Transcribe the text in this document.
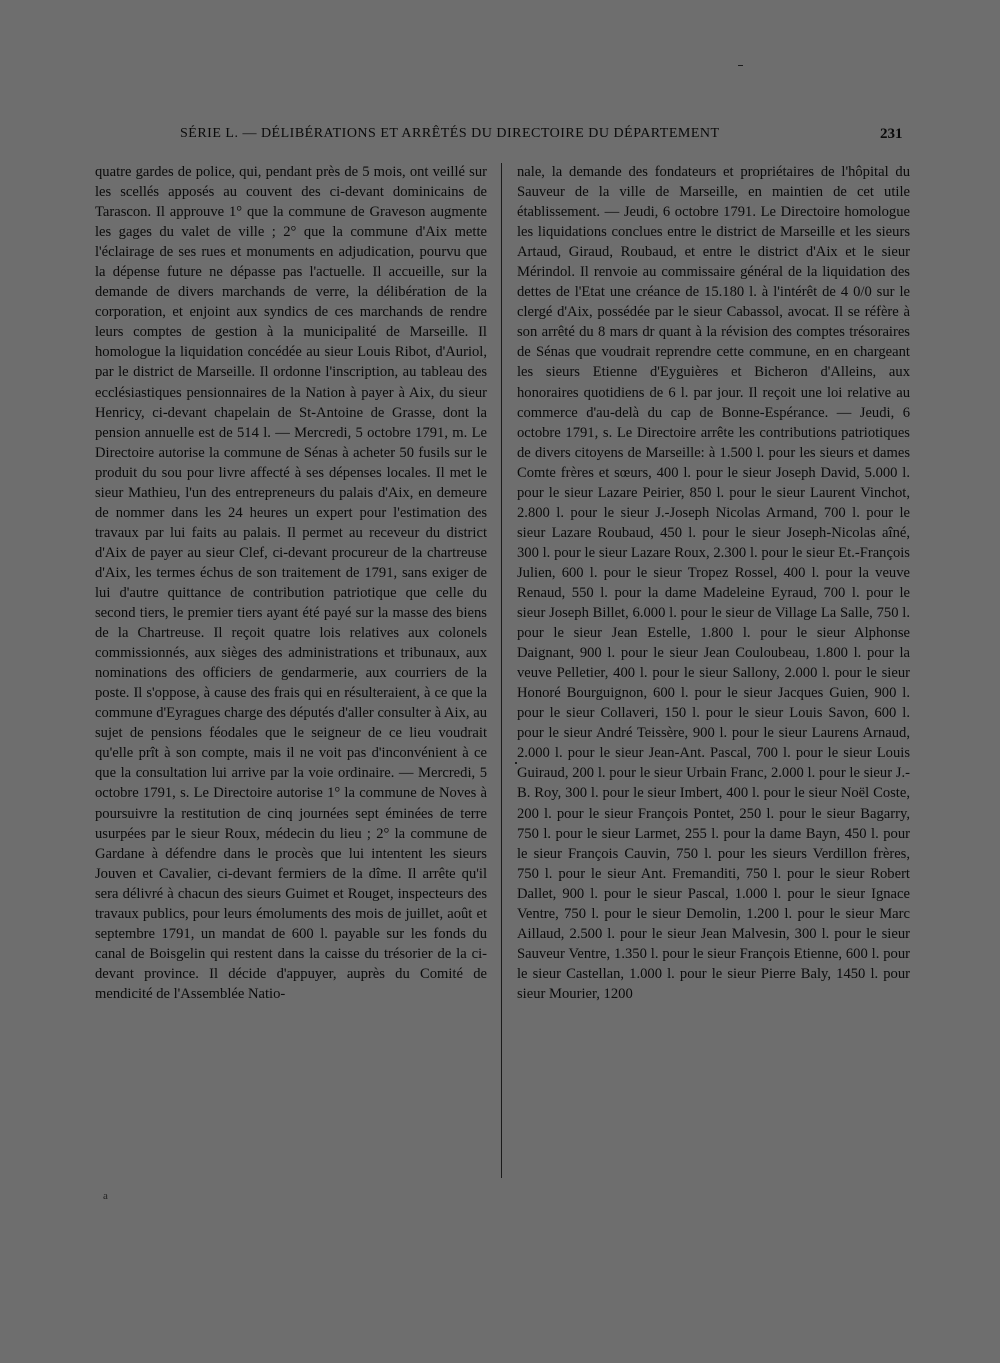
SÉRIE L. — DÉLIBÉRATIONS ET ARRÊTÉS DU DIRECTOIRE DU DÉPARTEMENT	231

quatre gardes de police, qui, pendant près de 5 mois, ont veillé sur les scellés apposés au couvent des ci-devant dominicains de Tarascon. Il approuve 1° que la commune de Graveson augmente les gages du valet de ville ; 2° que la commune d'Aix mette l'éclairage de ses rues et monuments en adjudication, pourvu que la dépense future ne dépasse pas l'actuelle. Il accueille, sur la demande de divers marchands de verre, la délibération de la corporation, et enjoint aux syndics de ces marchands de rendre leurs comptes de gestion à la municipalité de Marseille. Il homologue la liquidation concédée au sieur Louis Ribot, d'Auriol, par le district de Marseille. Il ordonne l'inscription, au tableau des ecclésiastiques pensionnaires de la Nation à payer à Aix, du sieur Henricy, ci-devant chapelain de St-Antoine de Grasse, dont la pension annuelle est de 514 l. — Mercredi, 5 octobre 1791, m. Le Directoire autorise la commune de Sénas à acheter 50 fusils sur le produit du sou pour livre affecté à ses dépenses locales. Il met le sieur Mathieu, l'un des entrepreneurs du palais d'Aix, en demeure de nommer dans les 24 heures un expert pour l'estimation des travaux par lui faits au palais. Il permet au receveur du district d'Aix de payer au sieur Clef, ci-devant procureur de la chartreuse d'Aix, les termes échus de son traitement de 1791, sans exiger de lui d'autre quittance de contribution patriotique que celle du second tiers, le premier tiers ayant été payé sur la masse des biens de la Chartreuse. Il reçoit quatre lois relatives aux colonels commissionnés, aux sièges des administrations et tribunaux, aux nominations des officiers de gendarmerie, aux courriers de la poste. Il s'oppose, à cause des frais qui en résulteraient, à ce que la commune d'Eyragues charge des députés d'aller consulter à Aix, au sujet de pensions féodales que le seigneur de ce lieu voudrait qu'elle prît à son compte, mais il ne voit pas d'inconvénient à ce que la consultation lui arrive par la voie ordinaire. — Mercredi, 5 octobre 1791, s. Le Directoire autorise 1° la commune de Noves à poursuivre la restitution de cinq journées sept éminées de terre usurpées par le sieur Roux, médecin du lieu ; 2° la commune de Gardane à défendre dans le procès que lui intentent les sieurs Jouven et Cavalier, ci-devant fermiers de la dîme. Il arrête qu'il sera délivré à chacun des sieurs Guimet et Rouget, inspecteurs des travaux publics, pour leurs émoluments des mois de juillet, août et septembre 1791, un mandat de 600 l. payable sur les fonds du canal de Boisgelin qui restent dans la caisse du trésorier de la ci-devant province. Il décide d'appuyer, auprès du Comité de mendicité de l'Assemblée Natio-

nale, la demande des fondateurs et propriétaires de l'hôpital du Sauveur de la ville de Marseille, en maintien de cet utile établissement. — Jeudi, 6 octobre 1791. Le Directoire homologue les liquidations conclues entre le district de Marseille et les sieurs Artaud, Giraud, Roubaud, et entre le district d'Aix et le sieur Mérindol. Il renvoie au commissaire général de la liquidation des dettes de l'Etat une créance de 15.180 l. à l'intérêt de 4 0/0 sur le clergé d'Aix, possédée par le sieur Cabassol, avocat. Il se réfère à son arrêté du 8 mars dr quant à la révision des comptes trésoraires de Sénas que voudrait reprendre cette commune, en en chargeant les sieurs Etienne d'Eyguières et Bicheron d'Alleins, aux honoraires quotidiens de 6 l. par jour. Il reçoit une loi relative au commerce d'au-delà du cap de Bonne-Espérance. — Jeudi, 6 octobre 1791, s. Le Directoire arrête les contributions patriotiques de divers citoyens de Marseille: à 1.500 l. pour les sieurs et dames Comte frères et sœurs, 400 l. pour le sieur Joseph David, 5.000 l. pour le sieur Lazare Peirier, 850 l. pour le sieur Laurent Vinchot, 2.800 l. pour le sieur J.-Joseph Nicolas Armand, 700 l. pour le sieur Lazare Roubaud, 450 l. pour le sieur Joseph-Nicolas aîné, 300 l. pour le sieur Lazare Roux, 2.300 l. pour le sieur Et.-François Julien, 600 l. pour le sieur Tropez Rossel, 400 l. pour la veuve Renaud, 550 l. pour la dame Madeleine Eyraud, 700 l. pour le sieur Joseph Billet, 6.000 l. pour le sieur de Village La Salle, 750 l. pour le sieur Jean Estelle, 1.800 l. pour le sieur Alphonse Daignant, 900 l. pour le sieur Jean Couloubeau, 1.800 l. pour la veuve Pelletier, 400 l. pour le sieur Sallony, 2.000 l. pour le sieur Honoré Bourguignon, 600 l. pour le sieur Jacques Guien, 900 l. pour le sieur Collaveri, 150 l. pour le sieur Louis Savon, 600 l. pour le sieur André Teissère, 900 l. pour le sieur Laurens Arnaud, 2.000 l. pour le sieur Jean-Ant. Pascal, 700 l. pour le sieur Louis Guiraud, 200 l. pour le sieur Urbain Franc, 2.000 l. pour le sieur J.-B. Roy, 300 l. pour le sieur Imbert, 400 l. pour le sieur Noël Coste, 200 l. pour le sieur François Pontet, 250 l. pour le sieur Bagarry, 750 l. pour le sieur Larmet, 255 l. pour la dame Bayn, 450 l. pour le sieur François Cauvin, 750 l. pour les sieurs Verdillon frères, 750 l. pour le sieur Ant. Fremanditi, 750 l. pour le sieur Robert Dallet, 900 l. pour le sieur Pascal, 1.000 l. pour le sieur Ignace Ventre, 750 l. pour le sieur Demolin, 1.200 l. pour le sieur Marc Aillaud, 2.500 l. pour le sieur Jean Malvesin, 300 l. pour le sieur Sauveur Ventre, 1.350 l. pour le sieur François Etienne, 600 l. pour le sieur Castellan, 1.000 l. pour le sieur Pierre Baly, 1450 l. pour sieur Mourier, 1200

a
